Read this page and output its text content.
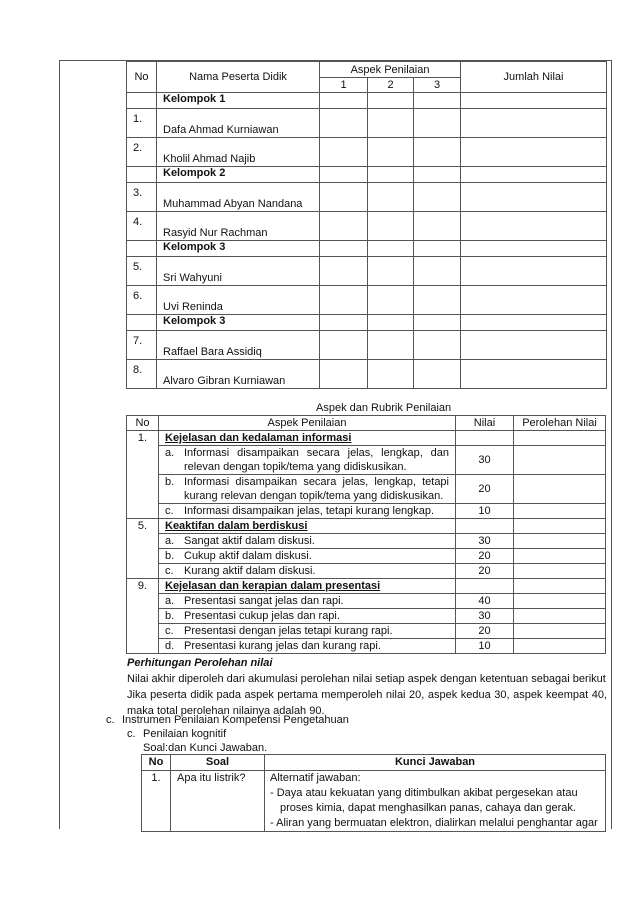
No	Nama Peserta Didik	Aspek Penilaian			Jumlah Nilai
		1	2	3	
	Kelompok 1				
1.	Dafa Ahmad Kurniawan				
2.	Kholil Ahmad Najib				
	Kelompok 2				
3.	Muhammad Abyan Nandana				
4.	Rasyid Nur Rachman				
	Kelompok 3				
5.	Sri Wahyuni				
6.	Uvi Reninda				
	Kelompok 3				
7.	Raffael Bara Assidiq				
8.	Alvaro Gibran Kurniawan				
Aspek dan Rubrik Penilaian
No	Aspek Penilaian	Nilai	Perolehan Nilai
1.	Kejelasan dan kedalaman informasi		
	a. Informasi disampaikan secara jelas, lengkap, dan relevan dengan topik/tema yang didiskusikan.	30	
	b. Informasi disampaikan secara jelas, lengkap, tetapi kurang relevan dengan topik/tema yang didiskusikan.	20	
	c. Informasi disampaikan jelas, tetapi kurang lengkap.	10	
5.	Keaktifan dalam berdiskusi		
	a. Sangat aktif dalam diskusi.	30	
	b. Cukup aktif dalam diskusi.	20	
	c. Kurang aktif dalam diskusi.	20	
9.	Kejelasan dan kerapian dalam presentasi		
	a. Presentasi sangat jelas dan rapi.	40	
	b. Presentasi cukup jelas dan rapi.	30	
	c. Presentasi dengan jelas tetapi kurang rapi.	20	
	d. Presentasi kurang jelas dan kurang rapi.	10	
Perhitungan Perolehan nilai
Nilai akhir diperoleh dari akumulasi perolehan nilai setiap aspek dengan ketentuan sebagai berikut
Jika peserta didik pada aspek pertama memperoleh nilai 20, aspek kedua 30, aspek keempat 40,
maka total perolehan nilainya adalah 90.
c. Instrumen Penilaian Kompetensi Pengetahuan
c. Penilaian kognitif
Soal:dan Kunci Jawaban.
No	Soal	Kunci Jawaban
1.	Apa itu listrik?	Alternatif jawaban:
- Daya atau kekuatan yang ditimbulkan akibat pergesekan atau
proses kimia, dapat menghasilkan panas, cahaya dan gerak.
- Aliran yang bermuatan elektron, dialirkan melalui penghantar agar
